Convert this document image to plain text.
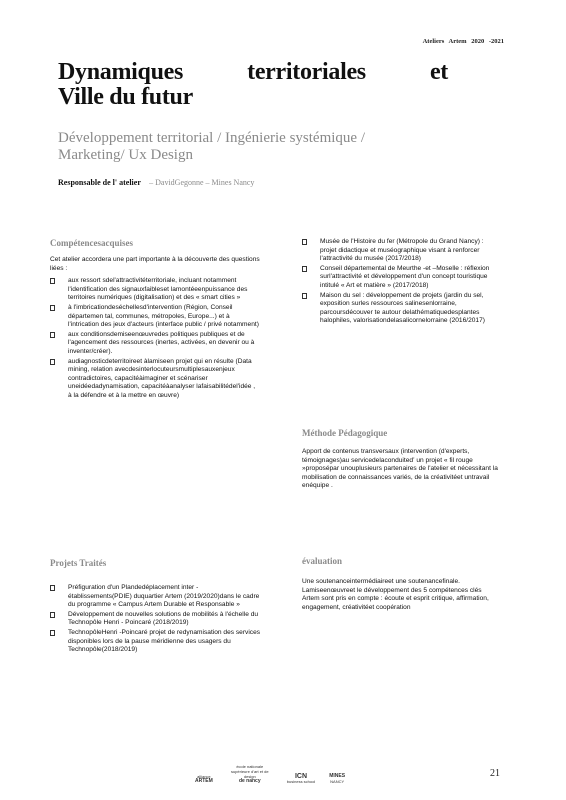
Ateliers Artem 2020 -2021
Dynamiques	territoriales	et
Ville du futur
Développement territorial / Ingénierie systémique /
Marketing/ Ux Design
Responsable de l' atelier – DavidGegonne – Mines Nancy
Compétencesacquises
Cet atelier accordera une part importante à la découverte des questions liées :
aux ressort sdel'attractivitéterritoriale, incluant notamment l'identification des signauxfaibleset lamontéeenpuissance des territoires numériques (digitalisation) et des « smart cities »
à l'imbricationdeséchellesd'intervention (Région, Conseil départemen tal, communes, métropoles, Europe...) et à l'intrication des jeux d'acteurs (interface public / privé notamment)
aux conditionsdemiseenœuvredes politiques publiques et de l'agencement des ressources (inertes, activées, en devenir ou à inventer/créer).
audiagnosticdeterritoireet àlamiseen projet qui en résulte (Data mining, relation avecdesinterlocuteursmultiplesauxenjeux contradictoires, capacitéàimaginer et scénariser uneidéedadynamisation, capacitéàanalyser lafaisabilitédel'idée , à la défendre et à la mettre en œuvre)
Musée de l'Histoire du fer (Métropole du Grand Nancy) : projet didactique et muséographique visant à renforcer l'attractivité du musée (2017/2018)
Conseil départemental de Meurthe -et –Moselle : réflexion surl'attractivité et développement d'un concept touristique intitulé « Art et matière » (2017/2018)
Maison du sel : développement de projets (jardin du sel, exposition surles ressources salinesenlorraine, parcoursdécouver te autour delathématiquedesplantes halophiles, valorisationdelasalicornelorraine (2016/2017)
Méthode Pédagogique
Apport de contenus transversaux (intervention (d'experts, témoignages)au servicedelaconduitedʼ un projet « fil rouge »proposépar unouplusieurs partenaires de l'atelier et nécessitant la mobilisation de connaissances variés, de la créativitéet untravail enéquipe .
Projets Traités
Préfiguration d'un Plandedéplacement inter - établissements(PDIE) duquartier Artem (2019/2020)dans le cadre du programme « Campus Artem Durable et Responsable »
Développement de nouvelles solutions de mobilités à l'échelle du Technopôle Henri - Poincaré (2018/2019)
TechnopôleHenri -Poincaré projet de redynamisation des services disponibles lors de la pause méridienne des usagers du Technopôle(2018/2019)
évaluation
Une soutenanceintermédiaireet une soutenancefinale. Lamiseenœuvreet le développement des 5 compétences clés Artem sont pris en compte : écoute et esprit critique, affirmation, engagement, créativitéet coopération
alliance
ARTEM
école nationale supérieure d'art et de design
de nancy
ICN
business school
MINES
NANCY
21
